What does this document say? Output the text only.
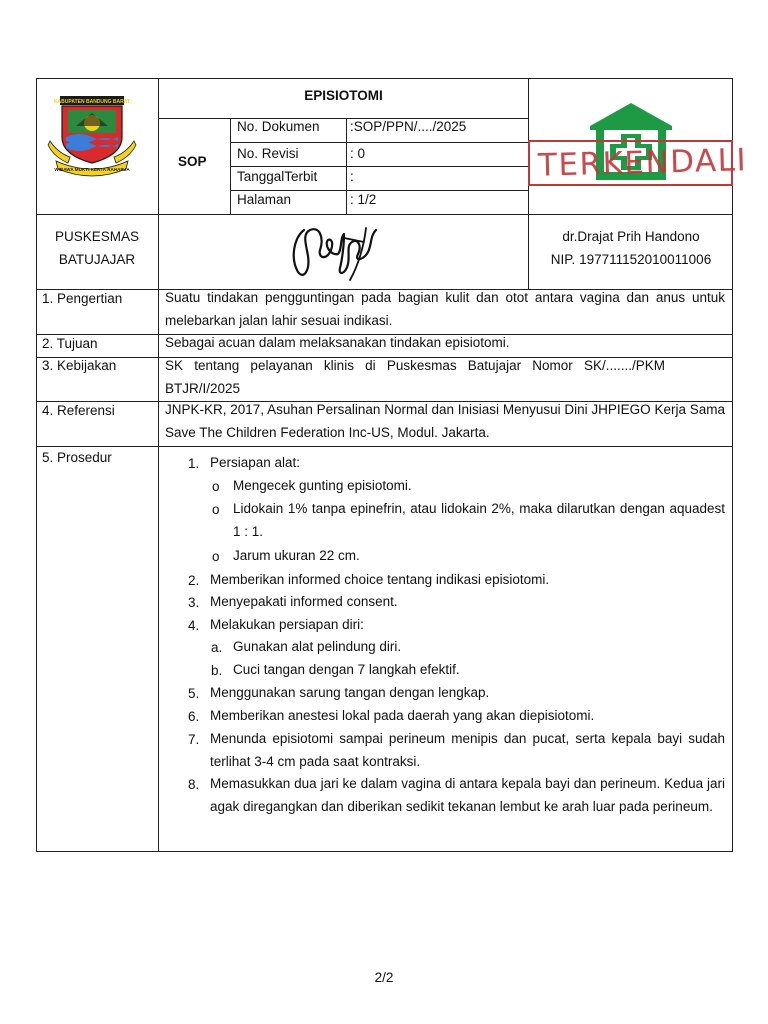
KABUPATEN BANDUNG BARAT
WIBAWA MUKTI KERTA RAHARJA
EPISIOTOMI
SOP
No. Dokumen :SOP/PPN/..../2025
No. Revisi	: 0
TanggalTerbit :
Halaman	: 1/2
TERKENDALI
PUSKESMAS
BATUJAJAR
dr.Drajat Prih Handono
NIP. 197711152010011006
1. Pengertian	Suatu tindakan pengguntingan pada bagian kulit dan otot antara vagina dan anus untuk melebarkan jalan lahir sesuai indikasi.
2. Tujuan	Sebagai acuan dalam melaksanakan tindakan episiotomi.
3. Kebijakan	SK tentang pelayanan klinis di Puskesmas Batujajar Nomor SK/......./PKM BTJR/I/2025
4. Referensi	JNPK-KR, 2017, Asuhan Persalinan Normal dan Inisiasi Menyusui Dini JHPIEGO Kerja Sama Save The Children Federation Inc-US, Modul. Jakarta.
5. Prosedur	1. Persiapan alat:
o Mengecek gunting episiotomi.
o Lidokain 1% tanpa epinefrin, atau lidokain 2%, maka dilarutkan dengan aquadest 1 : 1.
o Jarum ukuran 22 cm.
2. Memberikan informed choice tentang indikasi episiotomi.
3. Menyepakati informed consent.
4. Melakukan persiapan diri:
a. Gunakan alat pelindung diri.
b. Cuci tangan dengan 7 langkah efektif.
5. Menggunakan sarung tangan dengan lengkap.
6. Memberikan anestesi lokal pada daerah yang akan diepisiotomi.
7. Menunda episiotomi sampai perineum menipis dan pucat, serta kepala bayi sudah terlihat 3-4 cm pada saat kontraksi.
8. Memasukkan dua jari ke dalam vagina di antara kepala bayi dan perineum. Kedua jari agak diregangkan dan diberikan sedikit tekanan lembut ke arah luar pada perineum.
2/2
